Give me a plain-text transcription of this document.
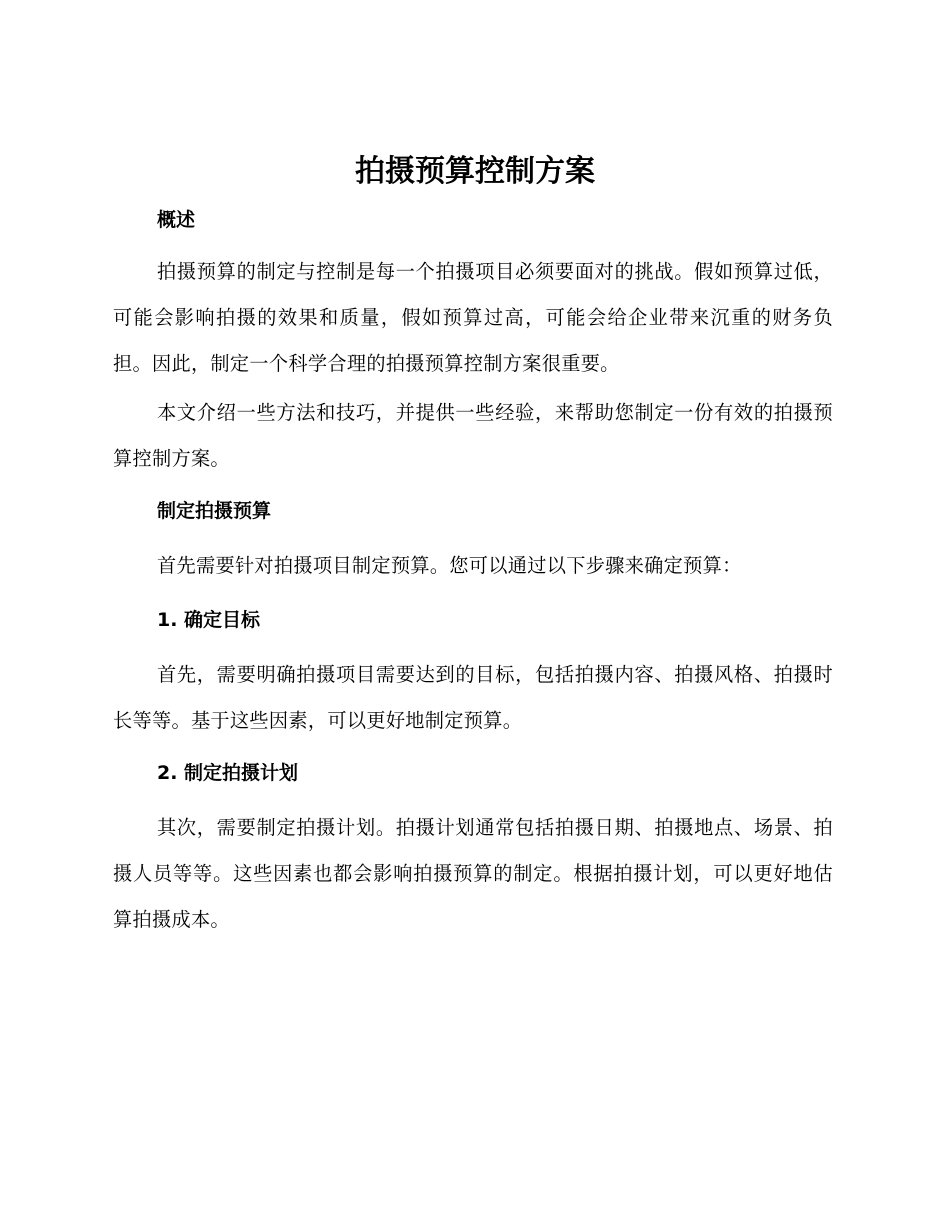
拍摄预算控制方案
概述

拍摄预算的制定与控制是每一个拍摄项目必须要面对的挑战。假如预算过低，可能会影响拍摄的效果和质量，假如预算过高，可能会给企业带来沉重的财务负担。因此，制定一个科学合理的拍摄预算控制方案很重要。

本文介绍一些方法和技巧，并提供一些经验，来帮助您制定一份有效的拍摄预算控制方案。

制定拍摄预算

首先需要针对拍摄项目制定预算。您可以通过以下步骤来确定预算：

1. 确定目标

首先，需要明确拍摄项目需要达到的目标，包括拍摄内容、拍摄风格、拍摄时长等等。基于这些因素，可以更好地制定预算。

2. 制定拍摄计划

其次，需要制定拍摄计划。拍摄计划通常包括拍摄日期、拍摄地点、场景、拍摄人员等等。这些因素也都会影响拍摄预算的制定。根据拍摄计划，可以更好地估算拍摄成本。
